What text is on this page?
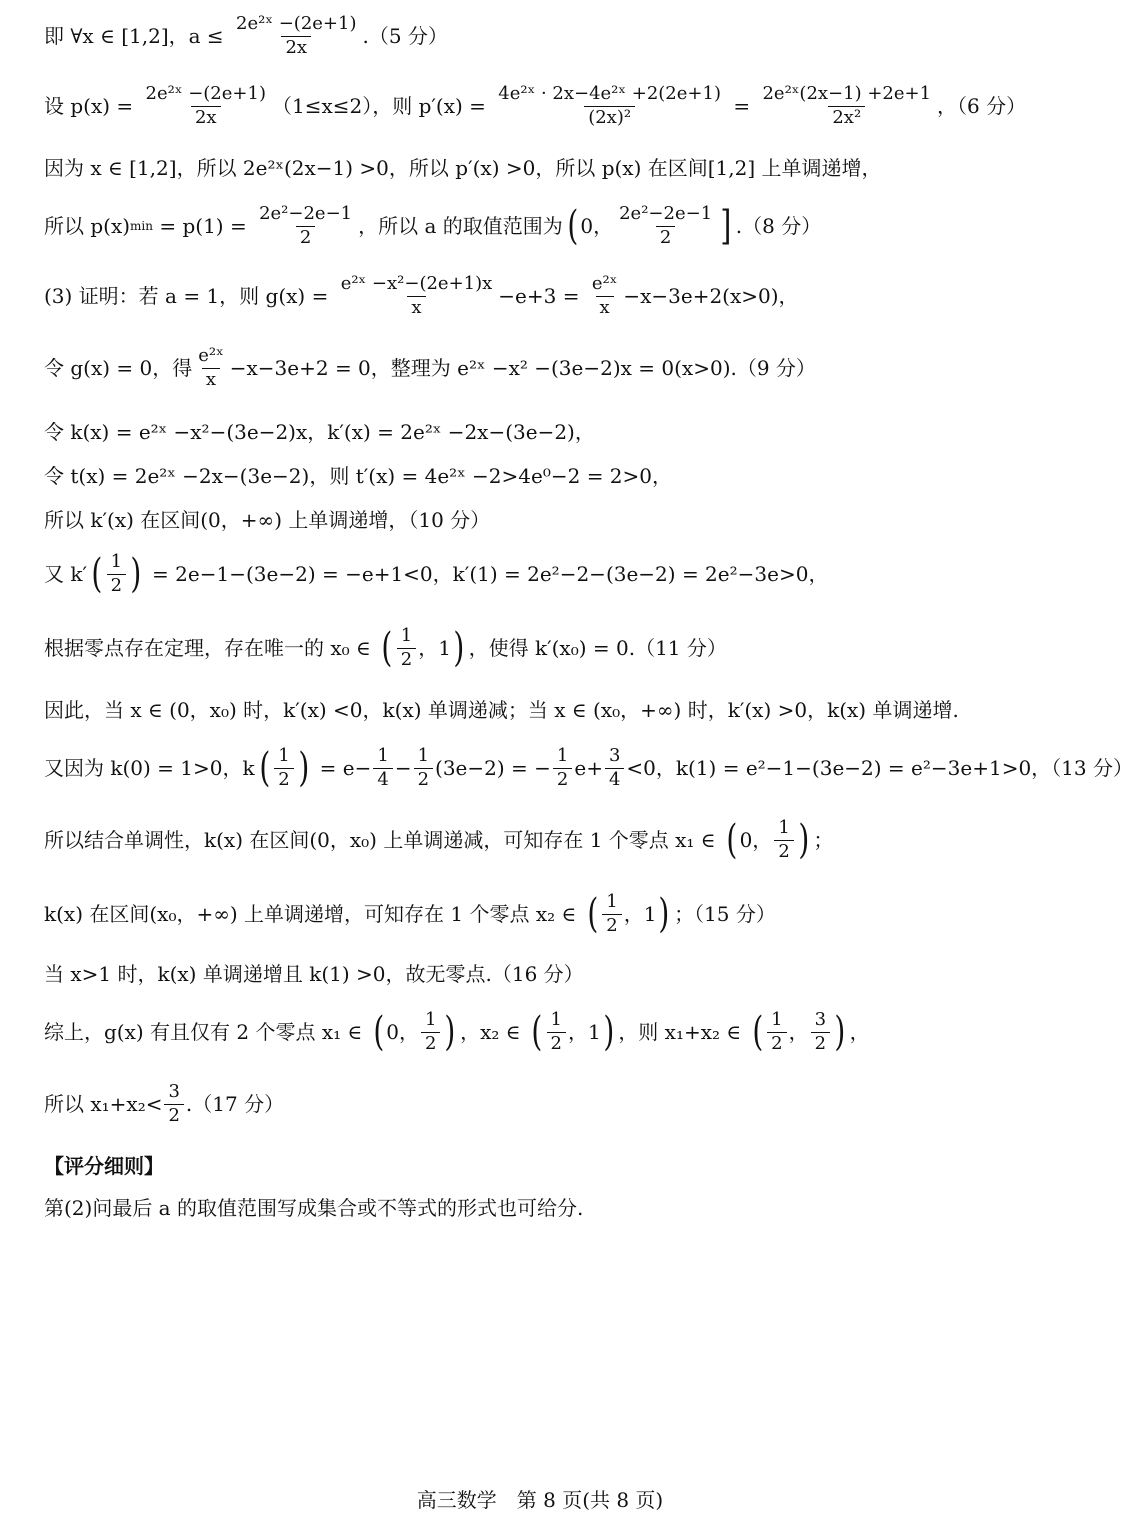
即 ∀x ∈ [1,2]，$a \le \frac{\text{2e²ˣ −(2e+1)}}{2x} .(5$ 分）
设 $p(x) = \frac{\text{2e²ˣ −(2e+1)}}{2x} (1\le x\le 2)$，则 $p'(x) = \frac{\text{4e²ˣ · 2x−4e²ˣ +2(2e+1)}}{\text{(2x)²}} = \frac{\text{2e²ˣ(2x−1) +2e+1}}{\text{2x²}}$ ，（6 分）
因为 x ∈ [1,2]，所以 2e²ˣ(2x−1) >0，所以 p′(x) >0，所以 p(x) 在区间[1,2] 上单调递增，
所以 p(x) $\min = p(1) = \frac{\text{2e²−2e−1}}{2}$ ，所以 a 的取值范围为 ( 0，
2e²−2e−1
2 ] .（8 分）
(3) 证明：若 a = 1，则 $g(x) = \frac{\text{e²ˣ −x²−(2e+1)x}}{x} -e+3 = \frac{\text{e²ˣ}}{x} -x-3e+2(x>0)$，
令 g(x) = 0，得
e²ˣ
x −x−3e+2 = 0，整理为 e²ˣ −x² −(3e−2)x = 0(x>0).（9 分）
令 k(x) = e²ˣ −x²−(3e−2)x，k′(x) = 2e²ˣ −2x−(3e−2)，
令 t(x) = 2e²ˣ −2x−(3e−2)，则 t′(x) = 4e²ˣ −2>4e⁰−2 = 2>0，
所以 k′(x) 在区间(0，+∞) 上单调递增，（10 分）
又 k′ ( 1
2 ) = 2e−1−(3e−2) = −e+1<0，k′(1) = 2e²−2−(3e−2) = 2e²−3e>0，
根据零点存在定理，存在唯一的 x₀ ∈ ( 1
2 ，1 ) ，使得 k′(x₀) = 0.（11 分）
因此，当 x ∈ (0，x₀) 时，k′(x) <0，k(x) 单调递减；当 x ∈ (x₀，+∞) 时，k′(x) >0，k(x) 单调递增.
又因为 k(0) = 1>0，k ( 1
2 ) = $e- \frac{1}{4} - \frac{1}{2} (3e-2)$ = − $\frac{1}{2} e+ \frac{3}{4} <0$，k(1) = e²−1−(3e−2) = e²−3e+1>0，（13 分）
所以结合单调性，k(x) 在区间(0，x₀) 上单调递减，可知存在 1 个零点 x₁ ∈ ( 0，
1
2 ) ；
k(x) 在区间(x₀，+∞) 上单调递增，可知存在 1 个零点 x₂ ∈ ( 1
2 ，1 ) ；（15 分）
当 x>1 时，k(x) 单调递增且 k(1) >0，故无零点.（16 分）
综上，g(x) 有且仅有 2 个零点 x₁ ∈ ( 0，
1
2 ) ，x₂ ∈ ( 1
2 ，1 ) ，则 x₁+x₂ ∈ ( 1
2 ，
3
2 ) ，
所以 x₁+x₂<
3
2 .（17 分）
【评分细则】
第(2)问最后 a 的取值范围写成集合或不等式的形式也可给分.
高三数学　第 8 页(共 8 页)
